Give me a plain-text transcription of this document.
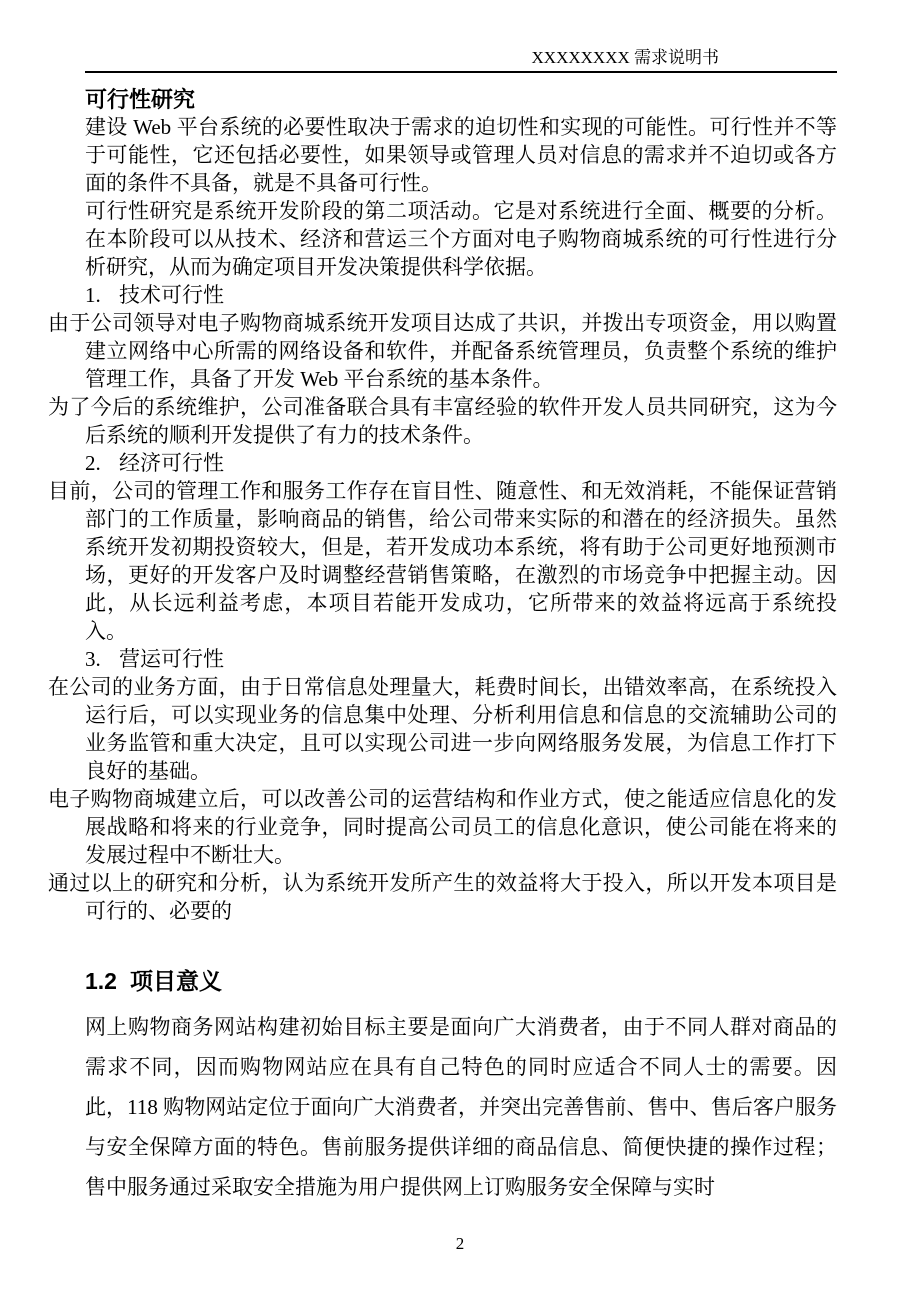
XXXXXXXX 需求说明书
可行性研究

建设 Web 平台系统的必要性取决于需求的迫切性和实现的可能性。可行性并不等于可能性，它还包括必要性，如果领导或管理人员对信息的需求并不迫切或各方面的条件不具备，就是不具备可行性。

可行性研究是系统开发阶段的第二项活动。它是对系统进行全面、概要的分析。在本阶段可以从技术、经济和营运三个方面对电子购物商城系统的可行性进行分析研究，从而为确定项目开发决策提供科学依据。

1. 技术可行性

由于公司领导对电子购物商城系统开发项目达成了共识，并拨出专项资金，用以购置建立网络中心所需的网络设备和软件，并配备系统管理员，负责整个系统的维护管理工作，具备了开发 Web 平台系统的基本条件。

为了今后的系统维护，公司准备联合具有丰富经验的软件开发人员共同研究，这为今后系统的顺利开发提供了有力的技术条件。

2. 经济可行性

目前，公司的管理工作和服务工作存在盲目性、随意性、和无效消耗，不能保证营销部门的工作质量，影响商品的销售，给公司带来实际的和潜在的经济损失。虽然系统开发初期投资较大，但是，若开发成功本系统，将有助于公司更好地预测市场，更好的开发客户及时调整经营销售策略，在激烈的市场竞争中把握主动。因此，从长远利益考虑，本项目若能开发成功，它所带来的效益将远高于系统投入。

3. 营运可行性

在公司的业务方面，由于日常信息处理量大，耗费时间长，出错效率高，在系统投入运行后，可以实现业务的信息集中处理、分析利用信息和信息的交流辅助公司的业务监管和重大决定，且可以实现公司进一步向网络服务发展，为信息工作打下良好的基础。

电子购物商城建立后，可以改善公司的运营结构和作业方式，使之能适应信息化的发展战略和将来的行业竞争，同时提高公司员工的信息化意识，使公司能在将来的发展过程中不断壮大。

通过以上的研究和分析，认为系统开发所产生的效益将大于投入，所以开发本项目是可行的、必要的

1.2 项目意义

网上购物商务网站构建初始目标主要是面向广大消费者，由于不同人群对商品的需求不同，因而购物网站应在具有自己特色的同时应适合不同人士的需要。因此，118 购物网站定位于面向广大消费者，并突出完善售前、售中、售后客户服务与安全保障方面的特色。售前服务提供详细的商品信息、简便快捷的操作过程；售中服务通过采取安全措施为用户提供网上订购服务安全保障与实时

2
